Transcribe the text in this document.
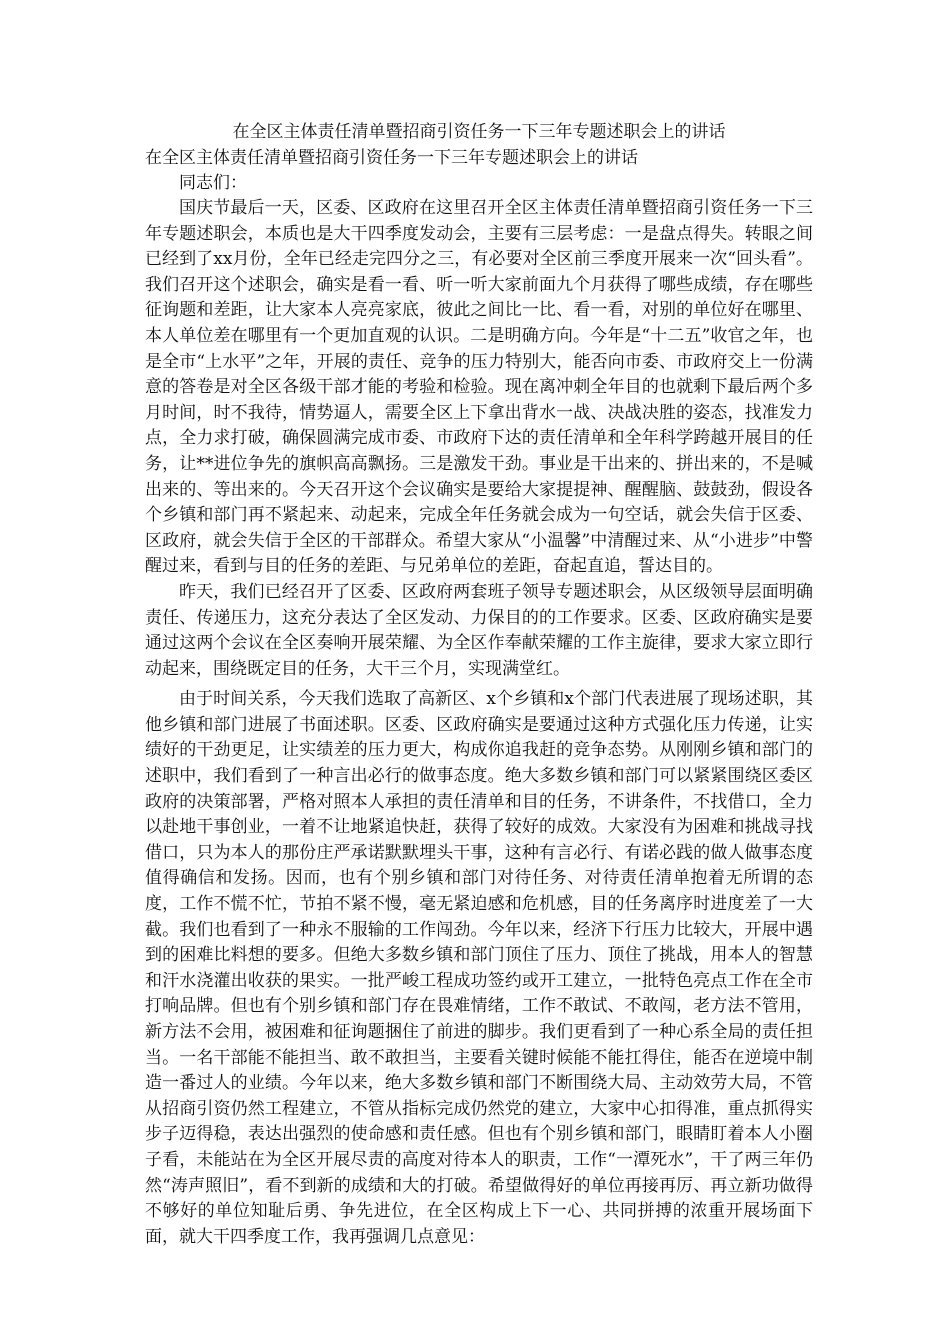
在全区主体责任清单暨招商引资任务一下三年专题述职会上的讲话
在全区主体责任清单暨招商引资任务一下三年专题述职会上的讲话

同志们：

国庆节最后一天，区委、区政府在这里召开全区主体责任清单暨招商引资任务一下三年专题述职会，本质也是大干四季度发动会，主要有三层考虑：一是盘点得失。转眼之间已经到了xx月份，全年已经走完四分之三，有必要对全区前三季度开展来一次“回头看”。我们召开这个述职会，确实是看一看、听一听大家前面九个月获得了哪些成绩，存在哪些征询题和差距，让大家本人亮亮家底，彼此之间比一比、看一看，对别的单位好在哪里、本人单位差在哪里有一个更加直观的认识。二是明确方向。今年是“十二五”收官之年，也是全市“上水平”之年，开展的责任、竞争的压力特别大，能否向市委、市政府交上一份满意的答卷是对全区各级干部才能的考验和检验。现在离冲刺全年目的也就剩下最后两个多月时间，时不我待，情势逼人，需要全区上下拿出背水一战、决战决胜的姿态，找准发力点，全力求打破，确保圆满完成市委、市政府下达的责任清单和全年科学跨越开展目的任务，让**进位争先的旗帜高高飘扬。三是激发干劲。事业是干出来的、拼出来的，不是喊出来的、等出来的。今天召开这个会议确实是要给大家提提神、醒醒脑、鼓鼓劲，假设各个乡镇和部门再不紧起来、动起来，完成全年任务就会成为一句空话，就会失信于区委、区政府，就会失信于全区的干部群众。希望大家从“小温馨”中清醒过来、从“小进步”中警醒过来，看到与目的任务的差距、与兄弟单位的差距，奋起直追，誓达目的。

昨天，我们已经召开了区委、区政府两套班子领导专题述职会，从区级领导层面明确责任、传递压力，这充分表达了全区发动、力保目的的工作要求。区委、区政府确实是要通过这两个会议在全区奏响开展荣耀、为全区作奉献荣耀的工作主旋律，要求大家立即行动起来，围绕既定目的任务，大干三个月，实现满堂红。

由于时间关系，今天我们选取了高新区、x个乡镇和x个部门代表进展了现场述职，其他乡镇和部门进展了书面述职。区委、区政府确实是要通过这种方式强化压力传递，让实绩好的干劲更足，让实绩差的压力更大，构成你追我赶的竞争态势。从刚刚乡镇和部门的述职中，我们看到了一种言出必行的做事态度。绝大多数乡镇和部门可以紧紧围绕区委区政府的决策部署，严格对照本人承担的责任清单和目的任务，不讲条件，不找借口，全力以赴地干事创业，一着不让地紧追快赶，获得了较好的成效。大家没有为困难和挑战寻找借口，只为本人的那份庄严承诺默默埋头干事，这种有言必行、有诺必践的做人做事态度值得确信和发扬。因而，也有个别乡镇和部门对待任务、对待责任清单抱着无所谓的态度，工作不慌不忙，节拍不紧不慢，毫无紧迫感和危机感，目的任务离序时进度差了一大截。我们也看到了一种永不服输的工作闯劲。今年以来，经济下行压力比较大，开展中遇到的困难比料想的要多。但绝大多数乡镇和部门顶住了压力、顶住了挑战，用本人的智慧和汗水浇灌出收获的果实。一批严峻工程成功签约或开工建立，一批特色亮点工作在全市打响品牌。但也有个别乡镇和部门存在畏难情绪，工作不敢试、不敢闯，老方法不管用，新方法不会用，被困难和征询题捆住了前进的脚步。我们更看到了一种心系全局的责任担当。一名干部能不能担当、敢不敢担当，主要看关键时候能不能扛得住，能否在逆境中制造一番过人的业绩。今年以来，绝大多数乡镇和部门不断围绕大局、主动效劳大局，不管从招商引资仍然工程建立，不管从指标完成仍然党的建立，大家中心扣得准，重点抓得实步子迈得稳，表达出强烈的使命感和责任感。但也有个别乡镇和部门，眼睛盯着本人小圈子看，未能站在为全区开展尽责的高度对待本人的职责，工作“一潭死水”，干了两三年仍然“涛声照旧”，看不到新的成绩和大的打破。希望做得好的单位再接再厉、再立新功做得不够好的单位知耻后勇、争先进位，在全区构成上下一心、共同拼搏的浓重开展场面下面，就大干四季度工作，我再强调几点意见：
